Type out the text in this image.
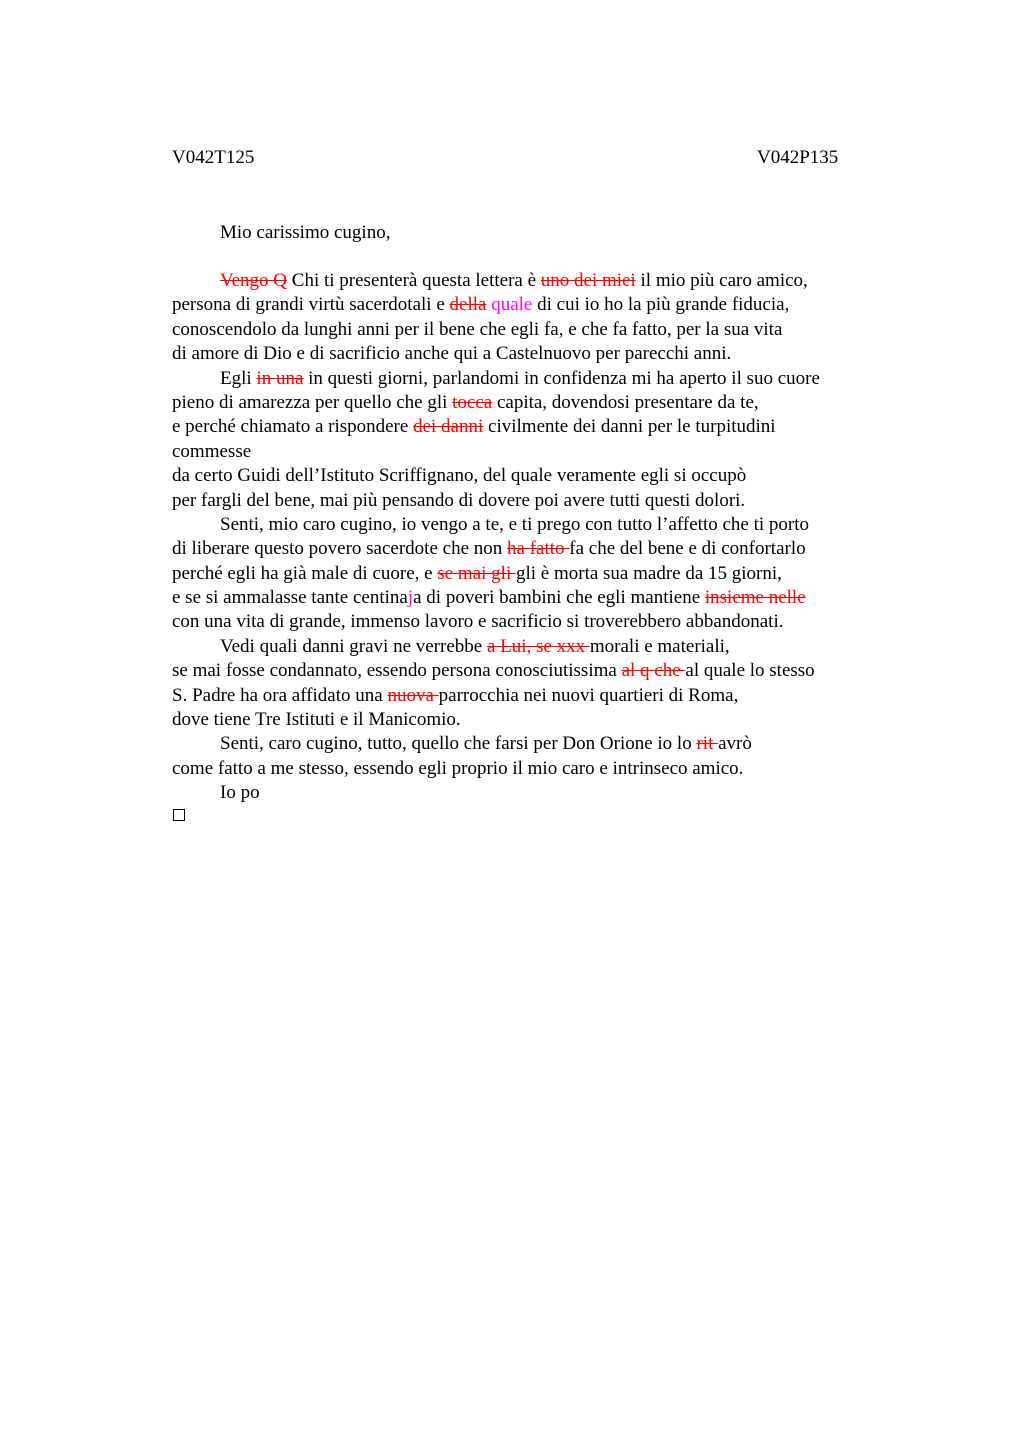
V042T125	V042P135
Mio carissimo cugino,
Vengo Q Chi ti presenterà questa lettera è uno dei miei il mio più caro amico,
persona di grandi virtù sacerdotali e della quale di cui io ho la più grande fiducia,
conoscendolo da lunghi anni per il bene che egli fa, e che fa fatto, per la sua vita
di amore di Dio e di sacrificio anche qui a Castelnuovo per parecchi anni.
Egli in una in questi giorni, parlandomi in confidenza mi ha aperto il suo cuore
pieno di amarezza per quello che gli tocca capita, dovendosi presentare da te,
e perché chiamato a rispondere dei danni civilmente dei danni per le turpitudini
commesse
da certo Guidi dell’Istituto Scriffignano, del quale veramente egli si occupò
per fargli del bene, mai più pensando di dovere poi avere tutti questi dolori.
Senti, mio caro cugino, io vengo a te, e ti prego con tutto l’affetto che ti porto
di liberare questo povero sacerdote che non ha fatto fa che del bene e di confortarlo
perché egli ha già male di cuore, e se mai gli gli è morta sua madre da 15 giorni,
e se si ammalasse tante centinaja di poveri bambini che egli mantiene insieme nelle
con una vita di grande, immenso lavoro e sacrificio si troverebbero abbandonati.
Vedi quali danni gravi ne verrebbe a Lui, se xxx morali e materiali,
se mai fosse condannato, essendo persona conosciutissima al q che al quale lo stesso
S. Padre ha ora affidato una nuova parrocchia nei nuovi quartieri di Roma,
dove tiene Tre Istituti e il Manicomio.
Senti, caro cugino, tutto, quello che farsi per Don Orione io lo rit avrò
come fatto a me stesso, essendo egli proprio il mio caro e intrinseco amico.
Io po
